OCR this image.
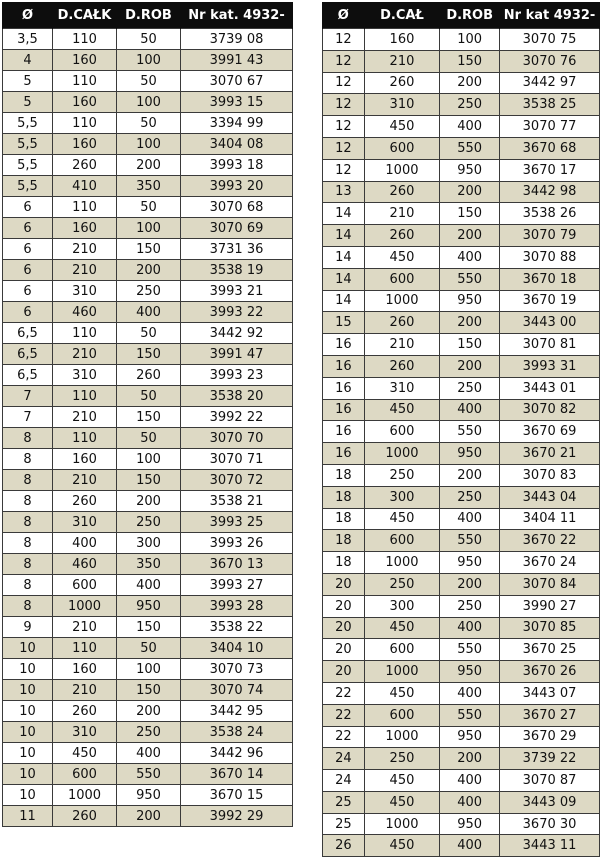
Ø	D.CAŁK	D.ROB	Nr kat. 4932-
3,5	110	50	3739 08
4	160	100	3991 43
5	110	50	3070 67
5	160	100	3993 15
5,5	110	50	3394 99
5,5	160	100	3404 08
5,5	260	200	3993 18
5,5	410	350	3993 20
6	110	50	3070 68
6	160	100	3070 69
6	210	150	3731 36
6	210	200	3538 19
6	310	250	3993 21
6	460	400	3993 22
6,5	110	50	3442 92
6,5	210	150	3991 47
6,5	310	260	3993 23
7	110	50	3538 20
7	210	150	3992 22
8	110	50	3070 70
8	160	100	3070 71
8	210	150	3070 72
8	260	200	3538 21
8	310	250	3993 25
8	400	300	3993 26
8	460	350	3670 13
8	600	400	3993 27
8	1000	950	3993 28
9	210	150	3538 22
10	110	50	3404 10
10	160	100	3070 73
10	210	150	3070 74
10	260	200	3442 95
10	310	250	3538 24
10	450	400	3442 96
10	600	550	3670 14
10	1000	950	3670 15
11	260	200	3992 29
Ø	D.CAŁ	D.ROB	Nr kat 4932-
12	160	100	3070 75
12	210	150	3070 76
12	260	200	3442 97
12	310	250	3538 25
12	450	400	3070 77
12	600	550	3670 68
12	1000	950	3670 17
13	260	200	3442 98
14	210	150	3538 26
14	260	200	3070 79
14	450	400	3070 88
14	600	550	3670 18
14	1000	950	3670 19
15	260	200	3443 00
16	210	150	3070 81
16	260	200	3993 31
16	310	250	3443 01
16	450	400	3070 82
16	600	550	3670 69
16	1000	950	3670 21
18	250	200	3070 83
18	300	250	3443 04
18	450	400	3404 11
18	600	550	3670 22
18	1000	950	3670 24
20	250	200	3070 84
20	300	250	3990 27
20	450	400	3070 85
20	600	550	3670 25
20	1000	950	3670 26
22	450	400	3443 07
22	600	550	3670 27
22	1000	950	3670 29
24	250	200	3739 22
24	450	400	3070 87
25	450	400	3443 09
25	1000	950	3670 30
26	450	400	3443 11
